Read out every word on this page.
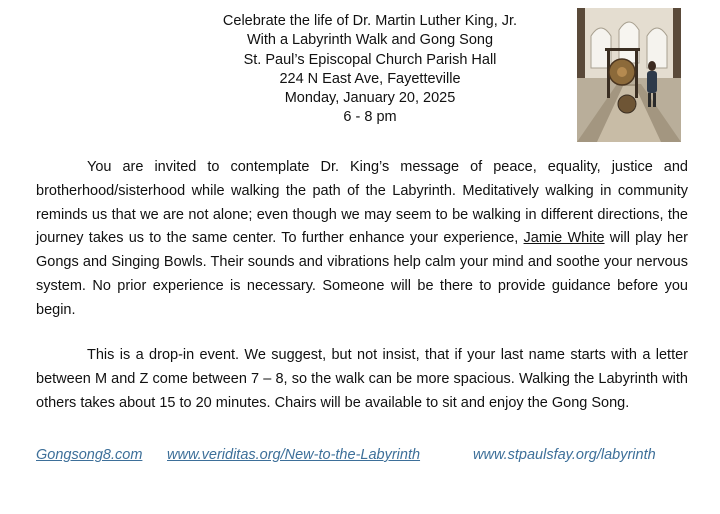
Celebrate the life of Dr. Martin Luther King, Jr.
With a Labyrinth Walk and Gong Song
St. Paul’s Episcopal Church Parish Hall
224 N East Ave, Fayetteville
Monday, January 20, 2025
6 - 8 pm

You are invited to contemplate Dr. King’s message of peace, equality, justice and brotherhood/sisterhood while walking the path of the Labyrinth. Meditatively walking in community reminds us that we are not alone; even though we may seem to be walking in different directions, the journey takes us to the same center. To further enhance your experience, Jamie White will play her Gongs and Singing Bowls. Their sounds and vibrations help calm your mind and soothe your nervous system. No prior experience is necessary. Someone will be there to provide guidance before you begin.

This is a drop-in event. We suggest, but not insist, that if your last name starts with a letter between M and Z come between 7 – 8, so the walk can be more spacious. Walking the Labyrinth with others takes about 15 to 20 minutes. Chairs will be available to sit and enjoy the Gong Song.

Gongsong8.com www.veriditas.org/New-to-the-Labyrinth	www.stpaulsfay.org/labyrinth
